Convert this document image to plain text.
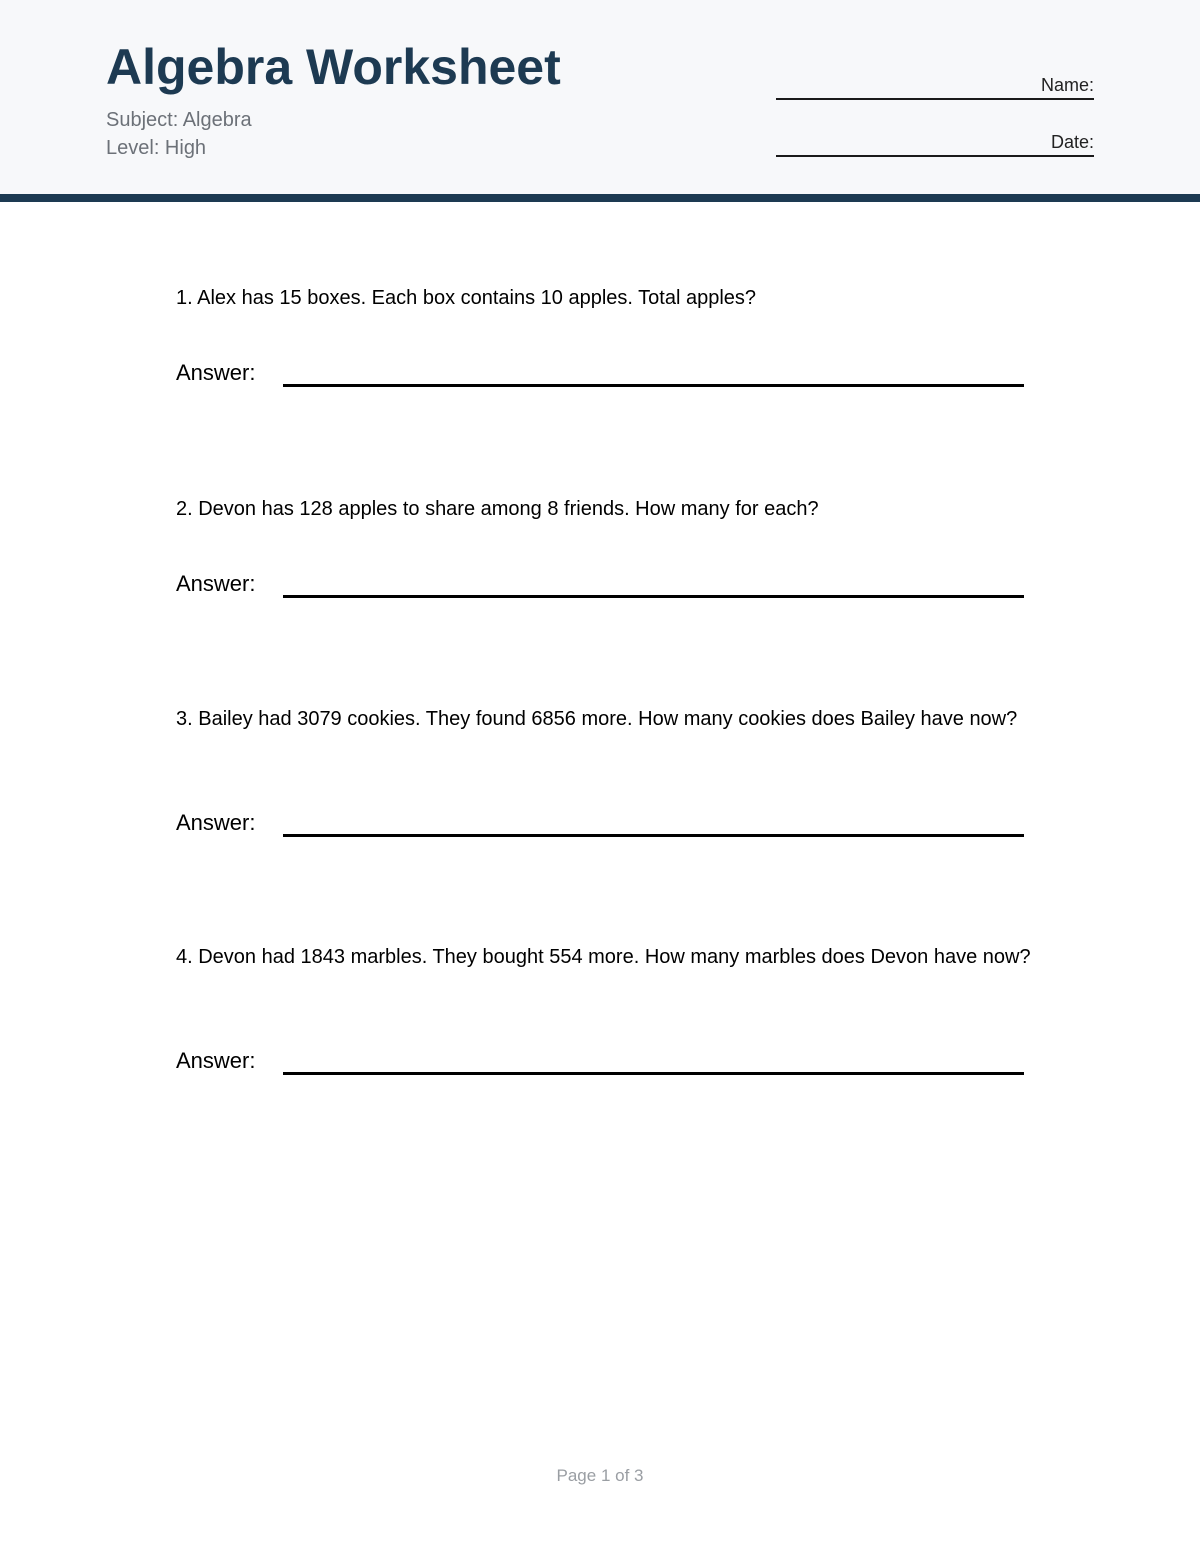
Algebra Worksheet
Subject: Algebra
Level: High
Name:
Date:
1. Alex has 15 boxes. Each box contains 10 apples. Total apples?
Answer:
2. Devon has 128 apples to share among 8 friends. How many for each?
Answer:
3. Bailey had 3079 cookies. They found 6856 more. How many cookies does Bailey have now?
Answer:
4. Devon had 1843 marbles. They bought 554 more. How many marbles does Devon have now?
Answer:
Page 1 of 3
